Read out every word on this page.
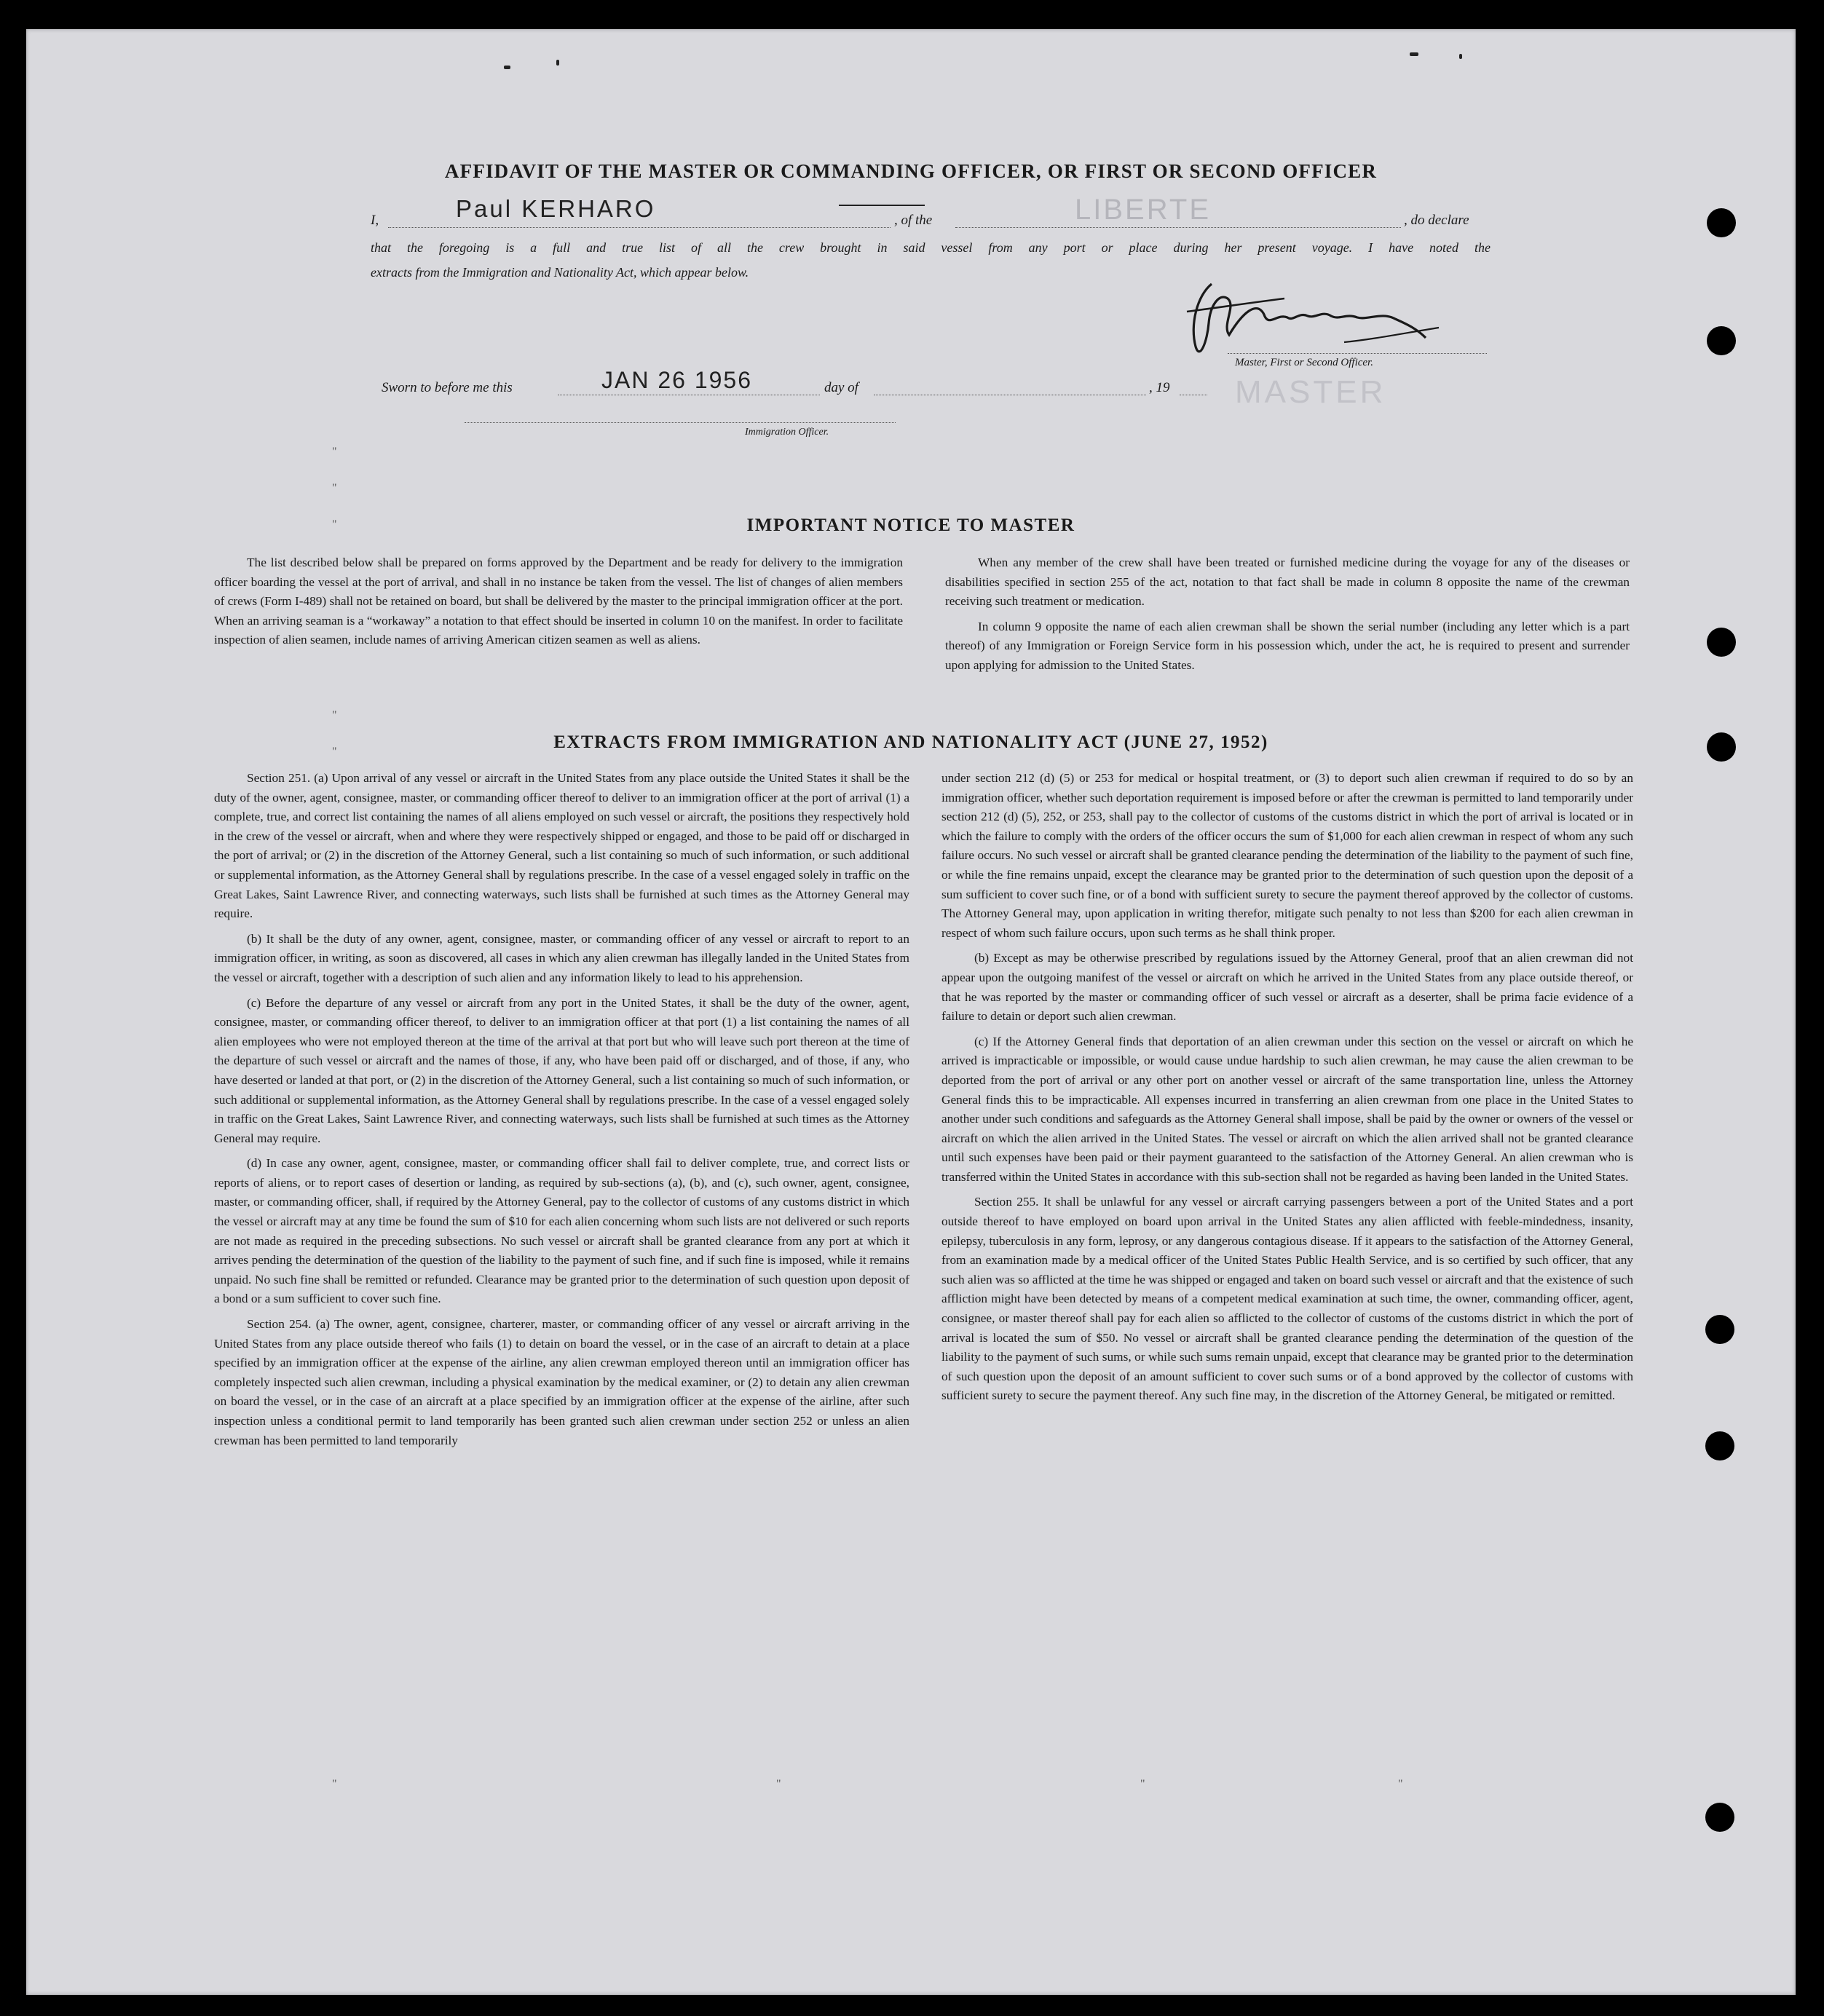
AFFIDAVIT OF THE MASTER OR COMMANDING OFFICER, OR FIRST OR SECOND OFFICER
I,	Paul KERHARO	, of the	LIBERTE	, do declare
that the foregoing is a full and true list of all the crew brought in said vessel from any port or place during her present voyage. I have noted the
extracts from the Immigration and Nationality Act, which appear below.
Master, First or Second Officer.
MASTER
Sworn to before me this	JAN 26 1956	day of	, 19
Immigration Officer.
"
"
"
"
"
"	"	"	"
IMPORTANT NOTICE TO MASTER

The list described below shall be prepared on forms approved by the Department and be ready for delivery to the immigration officer boarding the vessel at the port of arrival, and shall in no instance be taken from the vessel. The list of changes of alien members of crews (Form I-489) shall not be retained on board, but shall be delivered by the master to the principal immigration officer at the port. When an arriving seaman is a “workaway” a notation to that effect should be inserted in column 10 on the manifest. In order to facilitate inspection of alien seamen, include names of arriving American citizen seamen as well as aliens.

When any member of the crew shall have been treated or furnished medicine during the voyage for any of the diseases or disabilities specified in section 255 of the act, notation to that fact shall be made in column 8 opposite the name of the crewman receiving such treatment or medication.

In column 9 opposite the name of each alien crewman shall be shown the serial number (including any letter which is a part thereof) of any Immigration or Foreign Service form in his possession which, under the act, he is required to present and surrender upon applying for admission to the United States.

EXTRACTS FROM IMMIGRATION AND NATIONALITY ACT (JUNE 27, 1952)

Section 251. (a) Upon arrival of any vessel or aircraft in the United States from any place outside the United States it shall be the duty of the owner, agent, consignee, master, or commanding officer thereof to deliver to an immigration officer at the port of arrival (1) a complete, true, and correct list containing the names of all aliens employed on such vessel or aircraft, the positions they respectively hold in the crew of the vessel or aircraft, when and where they were respectively shipped or engaged, and those to be paid off or discharged in the port of arrival; or (2) in the discretion of the Attorney General, such a list containing so much of such information, or such additional or supplemental information, as the Attorney General shall by regulations prescribe. In the case of a vessel engaged solely in traffic on the Great Lakes, Saint Lawrence River, and connecting waterways, such lists shall be furnished at such times as the Attorney General may require.

(b) It shall be the duty of any owner, agent, consignee, master, or commanding officer of any vessel or aircraft to report to an immigration officer, in writing, as soon as discovered, all cases in which any alien crewman has illegally landed in the United States from the vessel or aircraft, together with a description of such alien and any information likely to lead to his apprehension.

(c) Before the departure of any vessel or aircraft from any port in the United States, it shall be the duty of the owner, agent, consignee, master, or commanding officer thereof, to deliver to an immigration officer at that port (1) a list containing the names of all alien employees who were not employed thereon at the time of the arrival at that port but who will leave such port thereon at the time of the departure of such vessel or aircraft and the names of those, if any, who have been paid off or discharged, and of those, if any, who have deserted or landed at that port, or (2) in the discretion of the Attorney General, such a list containing so much of such information, or such additional or supplemental information, as the Attorney General shall by regulations prescribe. In the case of a vessel engaged solely in traffic on the Great Lakes, Saint Lawrence River, and connecting waterways, such lists shall be furnished at such times as the Attorney General may require.

(d) In case any owner, agent, consignee, master, or commanding officer shall fail to deliver complete, true, and correct lists or reports of aliens, or to report cases of desertion or landing, as required by sub-sections (a), (b), and (c), such owner, agent, consignee, master, or commanding officer, shall, if required by the Attorney General, pay to the collector of customs of any customs district in which the vessel or aircraft may at any time be found the sum of $10 for each alien concerning whom such lists are not delivered or such reports are not made as required in the preceding subsections. No such vessel or aircraft shall be granted clearance from any port at which it arrives pending the determination of the question of the liability to the payment of such fine, and if such fine is imposed, while it remains unpaid. No such fine shall be remitted or refunded. Clearance may be granted prior to the determination of such question upon deposit of a bond or a sum sufficient to cover such fine.

Section 254. (a) The owner, agent, consignee, charterer, master, or commanding officer of any vessel or aircraft arriving in the United States from any place outside thereof who fails (1) to detain on board the vessel, or in the case of an aircraft to detain at a place specified by an immigration officer at the expense of the airline, any alien crewman employed thereon until an immigration officer has completely inspected such alien crewman, including a physical examination by the medical examiner, or (2) to detain any alien crewman on board the vessel, or in the case of an aircraft at a place specified by an immigration officer at the expense of the airline, after such inspection unless a conditional permit to land temporarily has been granted such alien crewman under section 252 or unless an alien crewman has been permitted to land temporarily

under section 212 (d) (5) or 253 for medical or hospital treatment, or (3) to deport such alien crewman if required to do so by an immigration officer, whether such deportation requirement is imposed before or after the crewman is permitted to land temporarily under section 212 (d) (5), 252, or 253, shall pay to the collector of customs of the customs district in which the port of arrival is located or in which the failure to comply with the orders of the officer occurs the sum of $1,000 for each alien crewman in respect of whom any such failure occurs. No such vessel or aircraft shall be granted clearance pending the determination of the liability to the payment of such fine, or while the fine remains unpaid, except the clearance may be granted prior to the determination of such question upon the deposit of a sum sufficient to cover such fine, or of a bond with sufficient surety to secure the payment thereof approved by the collector of customs. The Attorney General may, upon application in writing therefor, mitigate such penalty to not less than $200 for each alien crewman in respect of whom such failure occurs, upon such terms as he shall think proper.

(b) Except as may be otherwise prescribed by regulations issued by the Attorney General, proof that an alien crewman did not appear upon the outgoing manifest of the vessel or aircraft on which he arrived in the United States from any place outside thereof, or that he was reported by the master or commanding officer of such vessel or aircraft as a deserter, shall be prima facie evidence of a failure to detain or deport such alien crewman.

(c) If the Attorney General finds that deportation of an alien crewman under this section on the vessel or aircraft on which he arrived is impracticable or impossible, or would cause undue hardship to such alien crewman, he may cause the alien crewman to be deported from the port of arrival or any other port on another vessel or aircraft of the same transportation line, unless the Attorney General finds this to be impracticable. All expenses incurred in transferring an alien crewman from one place in the United States to another under such conditions and safeguards as the Attorney General shall impose, shall be paid by the owner or owners of the vessel or aircraft on which the alien arrived in the United States. The vessel or aircraft on which the alien arrived shall not be granted clearance until such expenses have been paid or their payment guaranteed to the satisfaction of the Attorney General. An alien crewman who is transferred within the United States in accordance with this sub-section shall not be regarded as having been landed in the United States.

Section 255. It shall be unlawful for any vessel or aircraft carrying passengers between a port of the United States and a port outside thereof to have employed on board upon arrival in the United States any alien afflicted with feeble-mindedness, insanity, epilepsy, tuberculosis in any form, leprosy, or any dangerous contagious disease. If it appears to the satisfaction of the Attorney General, from an examination made by a medical officer of the United States Public Health Service, and is so certified by such officer, that any such alien was so afflicted at the time he was shipped or engaged and taken on board such vessel or aircraft and that the existence of such affliction might have been detected by means of a competent medical examination at such time, the owner, commanding officer, agent, consignee, or master thereof shall pay for each alien so afflicted to the collector of customs of the customs district in which the port of arrival is located the sum of $50. No vessel or aircraft shall be granted clearance pending the determination of the question of the liability to the payment of such sums, or while such sums remain unpaid, except that clearance may be granted prior to the determination of such question upon the deposit of an amount sufficient to cover such sums or of a bond approved by the collector of customs with sufficient surety to secure the payment thereof. Any such fine may, in the discretion of the Attorney General, be mitigated or remitted.
